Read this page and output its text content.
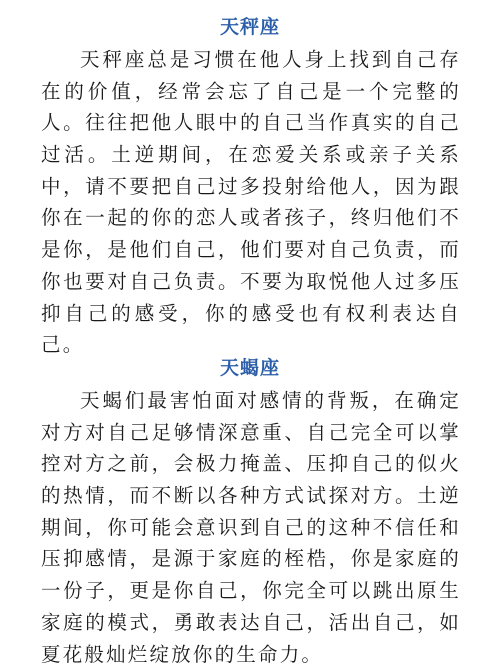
天秤座
天秤座总是习惯在他人身上找到自己存
在的价值，经常会忘了自己是一个完整的
人。往往把他人眼中的自己当作真实的自己
过活。土逆期间，在恋爱关系或亲子关系
中，请不要把自己过多投射给他人，因为跟
你在一起的你的恋人或者孩子，终归他们不
是你，是他们自己，他们要对自己负责，而
你也要对自己负责。不要为取悦他人过多压
抑自己的感受，你的感受也有权利表达自
己。
天蝎座
天蝎们最害怕面对感情的背叛，在确定
对方对自己足够情深意重、自己完全可以掌
控对方之前，会极力掩盖、压抑自己的似火
的热情，而不断以各种方式试探对方。土逆
期间，你可能会意识到自己的这种不信任和
压抑感情，是源于家庭的桎梏，你是家庭的
一份子，更是你自己，你完全可以跳出原生
家庭的模式，勇敢表达自己，活出自己，如
夏花般灿烂绽放你的生命力。
